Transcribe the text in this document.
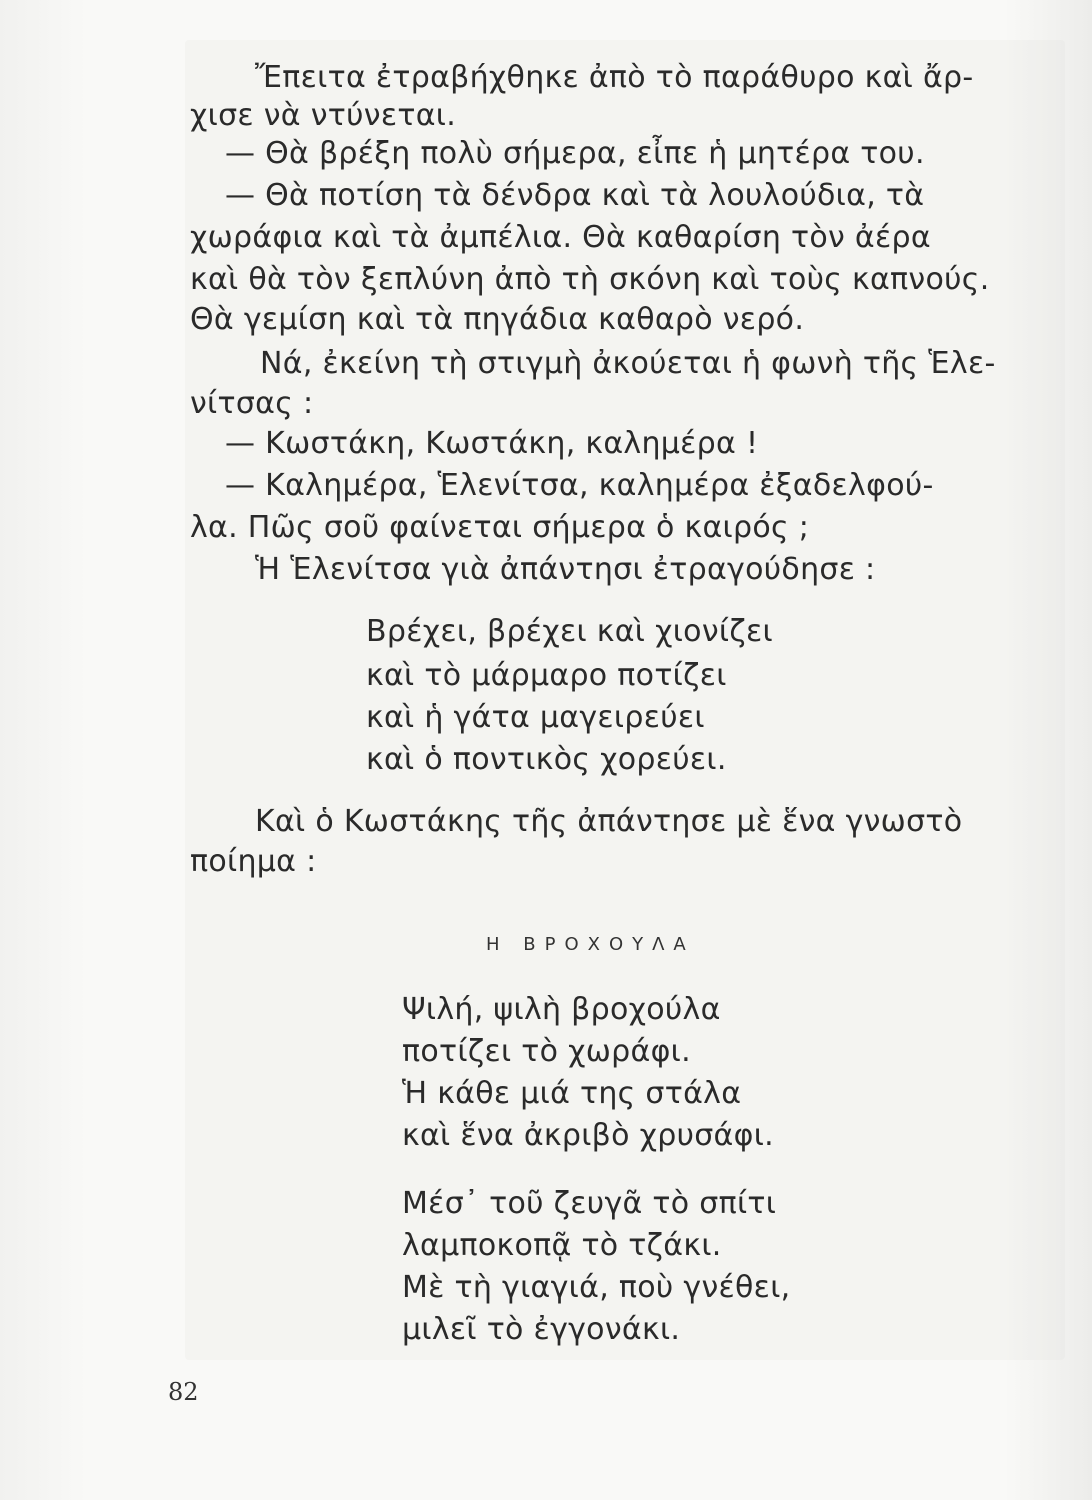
Ἔπειτα ἐτραβήχθηκε ἀπὸ τὸ παράθυρο καὶ ἄρ-
χισε νὰ ντύνεται.
— Θὰ βρέξη πολὺ σήμερα, εἶπε ἡ μητέρα του.
— Θὰ ποτίση τὰ δένδρα καὶ τὰ λουλούδια, τὰ
χωράφια καὶ τὰ ἀμπέλια. Θὰ καθαρίση τὸν ἀέρα
καὶ θὰ τὸν ξεπλύνη ἀπὸ τὴ σκόνη καὶ τοὺς καπνούς.
Θὰ γεμίση καὶ τὰ πηγάδια καθαρὸ νερό.
Νά, ἐκείνη τὴ στιγμὴ ἀκούεται ἡ φωνὴ τῆς Ἑλε-
νίτσας :
— Κωστάκη, Κωστάκη, καλημέρα !
— Καλημέρα, Ἑλενίτσα, καλημέρα ἐξαδελφού-
λα. Πῶς σοῦ φαίνεται σήμερα ὁ καιρός ;
Ἡ Ἑλενίτσα γιὰ ἀπάντησι ἐτραγούδησε :
Βρέχει, βρέχει καὶ χιονίζει
καὶ τὸ μάρμαρο ποτίζει
καὶ ἡ γάτα μαγειρεύει
καὶ ὁ ποντικὸς χορεύει.
Καὶ ὁ Κωστάκης τῆς ἀπάντησε μὲ ἕνα γνωστὸ
ποίημα :
Η ΒΡΟΧΟΥΛΑ
Ψιλή, ψιλὴ βροχούλα
ποτίζει τὸ χωράφι.
Ἡ κάθε μιά της στάλα
καὶ ἕνα ἀκριβὸ χρυσάφι.
Μέσ᾽ τοῦ ζευγᾶ τὸ σπίτι
λαμποκοπᾷ τὸ τζάκι.
Μὲ τὴ γιαγιά, ποὺ γνέθει,
μιλεῖ τὸ ἐγγονάκι.
82
